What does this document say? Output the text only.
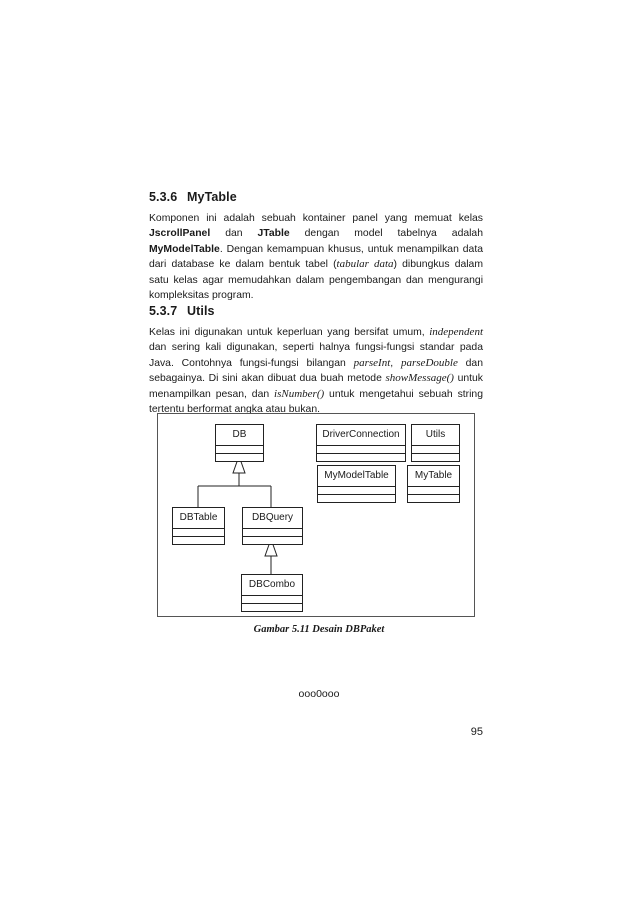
5.3.6 MyTable

Komponen ini adalah sebuah kontainer panel yang memuat kelas JscrollPanel dan JTable dengan model tabelnya adalah MyModelTable. Dengan kemampuan khusus, untuk menampilkan data dari database ke dalam bentuk tabel (tabular data) dibungkus dalam satu kelas agar memudahkan dalam pengembangan dan mengurangi kompleksitas program.

5.3.7 Utils

Kelas ini digunakan untuk keperluan yang bersifat umum, independent dan sering kali digunakan, seperti halnya fungsi-fungsi standar pada Java. Contohnya fungsi-fungsi bilangan parseInt, parseDouble dan sebagainya. Di sini akan dibuat dua buah metode showMessage() untuk menampilkan pesan, dan isNumber() untuk mengetahui sebuah string tertentu berformat angka atau bukan.

DB	DriverConnection	Utils
MyModelTable	MyTable
DBTable	DBQuery
DBCombo
Gambar 5.11 Desain DBPaket
ooo0ooo
95
